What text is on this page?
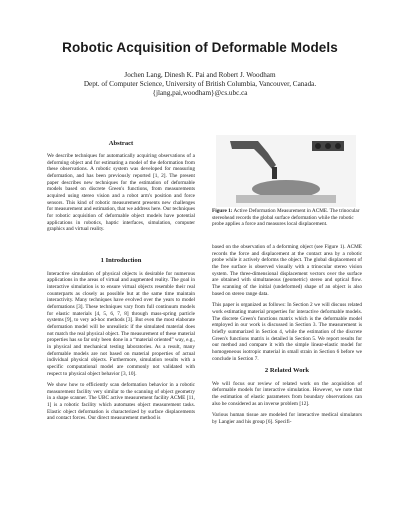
Robotic Acquisition of Deformable Models
Jochen Lang, Dinesh K. Pai and Robert J. Woodham
Dept. of Computer Science, University of British Columbia, Vancouver, Canada.
{jlang,pai,woodham}@cs.ubc.ca
Abstract
We describe techniques for automatically acquiring observations of a deforming object and for estimating a model of the deformation from these observations. A robotic system was developed for measuring deformation, and has been previously reported [1, 2]. The present paper describes new techniques for the estimation of deformable models based on discrete Green's functions, from measurements acquired using stereo vision and a robot arm's position and force sensors. This kind of robotic measurement presents new challenges for measurement and estimation, that we address here. Our techniques for robotic acquisition of deformable object models have potential applications in robotics, haptic interfaces, simulation, computer graphics and virtual reality.
1 Introduction

Interactive simulation of physical objects is desirable for numerous applications in the areas of virtual and augmented reality. The goal in interactive simulation is to ensure virtual objects resemble their real counterparts as closely as possible but at the same time maintain interactivity. Many techniques have evolved over the years to model deformations [3]. These techniques vary from full continuum models for elastic materials [4, 5, 6, 7, 8] through mass-spring particle systems [9], to very ad-hoc methods [3]. But even the most elaborate deformation model will be unrealistic if the simulated material does not match the real physical object. The measurement of these material properties has so far only been done in a “material oriented” way, e.g., in physical and mechanical testing laboratories. As a result, many deformable models are not based on material properties of actual individual physical objects. Furthermore, simulation results with a specific computational model are commonly not validated with respect to physical object behavior [3, 10].

We show how to efficiently scan deformation behavior in a robotic measurement facility very similar to the scanning of object geometry in a shape scanner. The UBC active measurement facility ACME [11, 1] is a robotic facility which automates object measurement tasks. Elastic object deformation is characterized by surface displacements and contact forces. Our direct measurement method is

Figure 1: Active Deformation Measurement in ACME. The trinocular stereohead records the global surface deformation while the robotic probe applies a force and measures local displacement.

based on the observation of a deforming object (see Figure 1). ACME records the force and displacement at the contact area by a robotic probe while it actively deforms the object. The global displacement of the free surface is observed visually with a trinocular stereo vision system. The three-dimensional displacement vectors over the surface are obtained with simultaneous (geometric) stereo and optical flow. The scanning of the initial (undeformed) shape of an object is also based on stereo range data.

This paper is organized as follows: In Section 2 we will discuss related work estimating material properties for interactive deformable models. The discrete Green's functions matrix which is the deformable model employed in our work is discussed in Section 3. The measurement is briefly summarized in Section 4, while the estimation of the discrete Green's functions matrix is detailed in Section 5. We report results for our method and compare it with the simple linear-elastic model for homogeneous isotropic material in small strain in Section 6 before we conclude in Section 7.

2 Related Work

We will focus our review of related work on the acquisition of deformable models for interactive simulation. However, we note that the estimation of elastic parameters from boundary observations can also be considered as an inverse problem [12].

Various human tissue are modeled for interactive medical simulators by Langier and his group [6]. Specifi-
